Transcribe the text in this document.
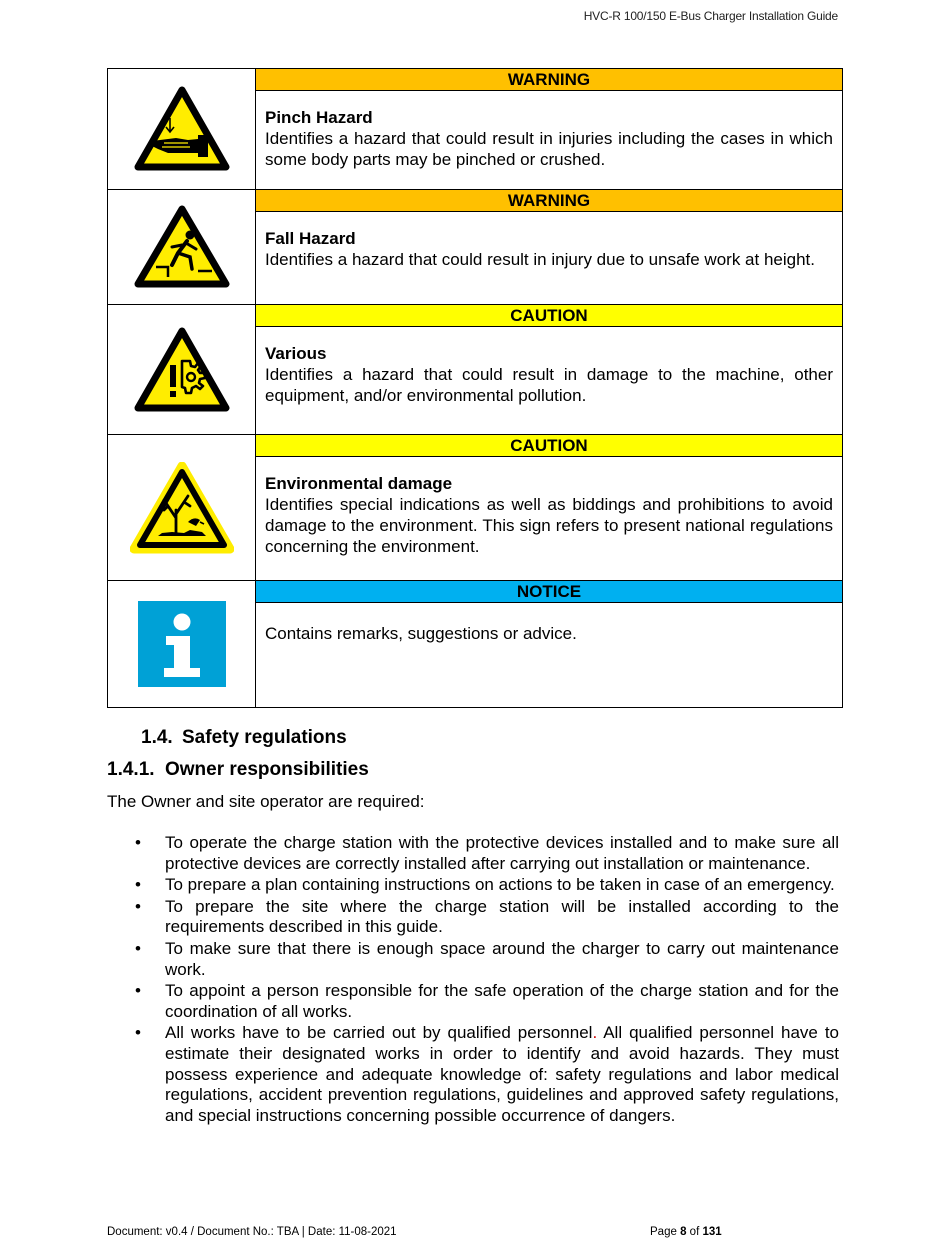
HVC-R 100/150 E-Bus Charger Installation Guide

WARNING
Pinch Hazard
Identifies a hazard that could result in injuries including the cases in which some body parts may be pinched or crushed.

WARNING
Fall Hazard
Identifies a hazard that could result in injury due to unsafe work at height.

CAUTION
Various
Identifies a hazard that could result in damage to the machine, other equipment, and/or environmental pollution.

CAUTION
Environmental damage
Identifies special indications as well as biddings and prohibitions to avoid damage to the environment. This sign refers to present national regulations concerning the environment.

NOTICE
Contains remarks, suggestions or advice.
1.4. Safety regulations
1.4.1. Owner responsibilities
The Owner and site operator are required:
• To operate the charge station with the protective devices installed and to make sure all protective devices are correctly installed after carrying out installation or maintenance.
• To prepare a plan containing instructions on actions to be taken in case of an emergency.
• To prepare the site where the charge station will be installed according to the requirements described in this guide.
• To make sure that there is enough space around the charger to carry out maintenance work.
• To appoint a person responsible for the safe operation of the charge station and for the coordination of all works.
• All works have to be carried out by qualified personnel. All qualified personnel have to estimate their designated works in order to identify and avoid hazards. They must possess experience and adequate knowledge of: safety regulations and labor medical regulations, accident prevention regulations, guidelines and approved safety regulations, and special instructions concerning possible occurrence of dangers.
Document: v0.4 / Document No.: TBA | Date: 11-08-2021	Page 8 of 131
